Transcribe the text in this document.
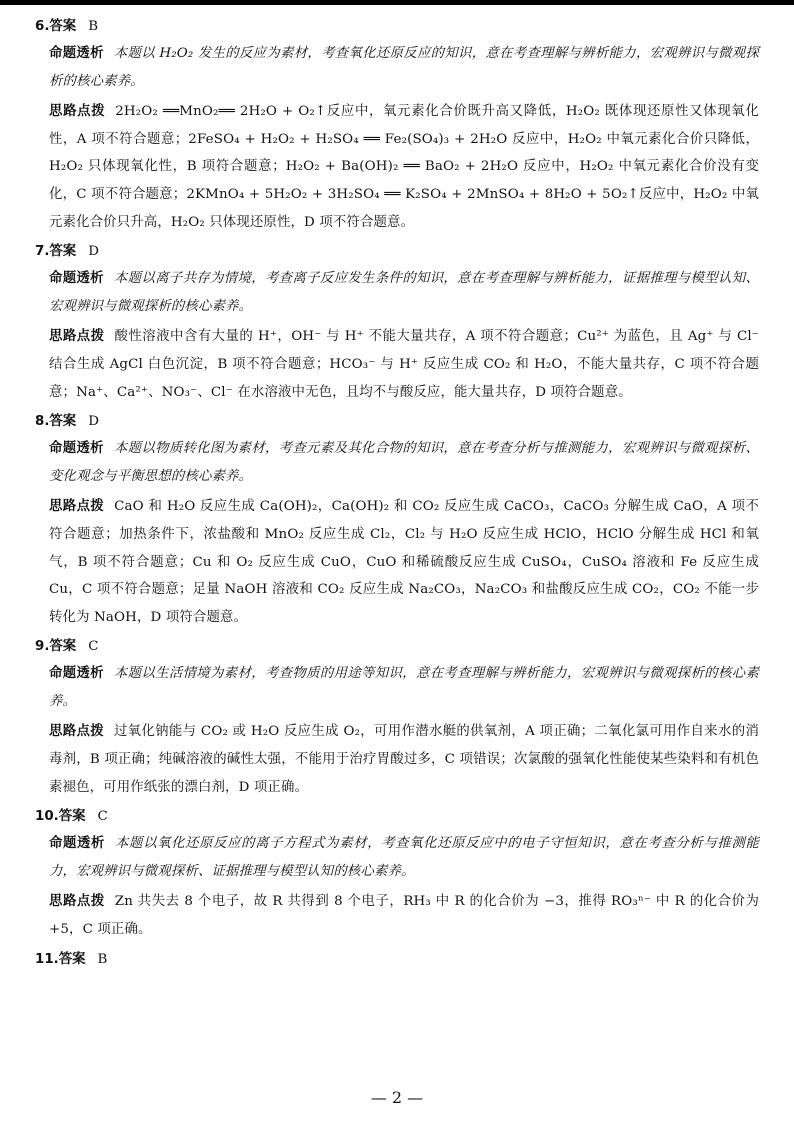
6.答案 B

命题透析 本题以 H₂O₂ 发生的反应为素材，考查氧化还原反应的知识，意在考查理解与辨析能力，宏观辨识与微观探析的核心素养。

思路点拨 2H₂O₂ ══MnO₂══ 2H₂O + O₂↑反应中，氧元素化合价既升高又降低，H₂O₂ 既体现还原性又体现氧化性，A 项不符合题意；2FeSO₄ + H₂O₂ + H₂SO₄ ══ Fe₂(SO₄)₃ + 2H₂O 反应中，H₂O₂ 中氧元素化合价只降低，H₂O₂ 只体现氧化性，B 项符合题意；H₂O₂ + Ba(OH)₂ ══ BaO₂ + 2H₂O 反应中，H₂O₂ 中氧元素化合价没有变化，C 项不符合题意；2KMnO₄ + 5H₂O₂ + 3H₂SO₄ ══ K₂SO₄ + 2MnSO₄ + 8H₂O + 5O₂↑反应中，H₂O₂ 中氧元素化合价只升高，H₂O₂ 只体现还原性，D 项不符合题意。

7.答案 D

命题透析 本题以离子共存为情境，考查离子反应发生条件的知识，意在考查理解与辨析能力，证据推理与模型认知、宏观辨识与微观探析的核心素养。

思路点拨 酸性溶液中含有大量的 H⁺，OH⁻ 与 H⁺ 不能大量共存，A 项不符合题意；Cu²⁺ 为蓝色，且 Ag⁺ 与 Cl⁻ 结合生成 AgCl 白色沉淀，B 项不符合题意；HCO₃⁻ 与 H⁺ 反应生成 CO₂ 和 H₂O，不能大量共存，C 项不符合题意；Na⁺、Ca²⁺、NO₃⁻、Cl⁻ 在水溶液中无色，且均不与酸反应，能大量共存，D 项符合题意。

8.答案 D

命题透析 本题以物质转化图为素材，考查元素及其化合物的知识，意在考查分析与推测能力，宏观辨识与微观探析、变化观念与平衡思想的核心素养。

思路点拨 CaO 和 H₂O 反应生成 Ca(OH)₂，Ca(OH)₂ 和 CO₂ 反应生成 CaCO₃，CaCO₃ 分解生成 CaO，A 项不符合题意；加热条件下，浓盐酸和 MnO₂ 反应生成 Cl₂，Cl₂ 与 H₂O 反应生成 HClO，HClO 分解生成 HCl 和氧气，B 项不符合题意；Cu 和 O₂ 反应生成 CuO，CuO 和稀硫酸反应生成 CuSO₄，CuSO₄ 溶液和 Fe 反应生成 Cu，C 项不符合题意；足量 NaOH 溶液和 CO₂ 反应生成 Na₂CO₃，Na₂CO₃ 和盐酸反应生成 CO₂，CO₂ 不能一步转化为 NaOH，D 项符合题意。

9.答案 C

命题透析 本题以生活情境为素材，考查物质的用途等知识，意在考查理解与辨析能力，宏观辨识与微观探析的核心素养。

思路点拨 过氧化钠能与 CO₂ 或 H₂O 反应生成 O₂，可用作潜水艇的供氧剂，A 项正确；二氧化氯可用作自来水的消毒剂，B 项正确；纯碱溶液的碱性太强，不能用于治疗胃酸过多，C 项错误；次氯酸的强氧化性能使某些染料和有机色素褪色，可用作纸张的漂白剂，D 项正确。

10.答案 C

命题透析 本题以氧化还原反应的离子方程式为素材，考查氧化还原反应中的电子守恒知识，意在考查分析与推测能力，宏观辨识与微观探析、证据推理与模型认知的核心素养。

思路点拨 Zn 共失去 8 个电子，故 R 共得到 8 个电子，RH₃ 中 R 的化合价为 −3，推得 RO₃ⁿ⁻ 中 R 的化合价为 +5，C 项正确。

11.答案 B
— 2 —
